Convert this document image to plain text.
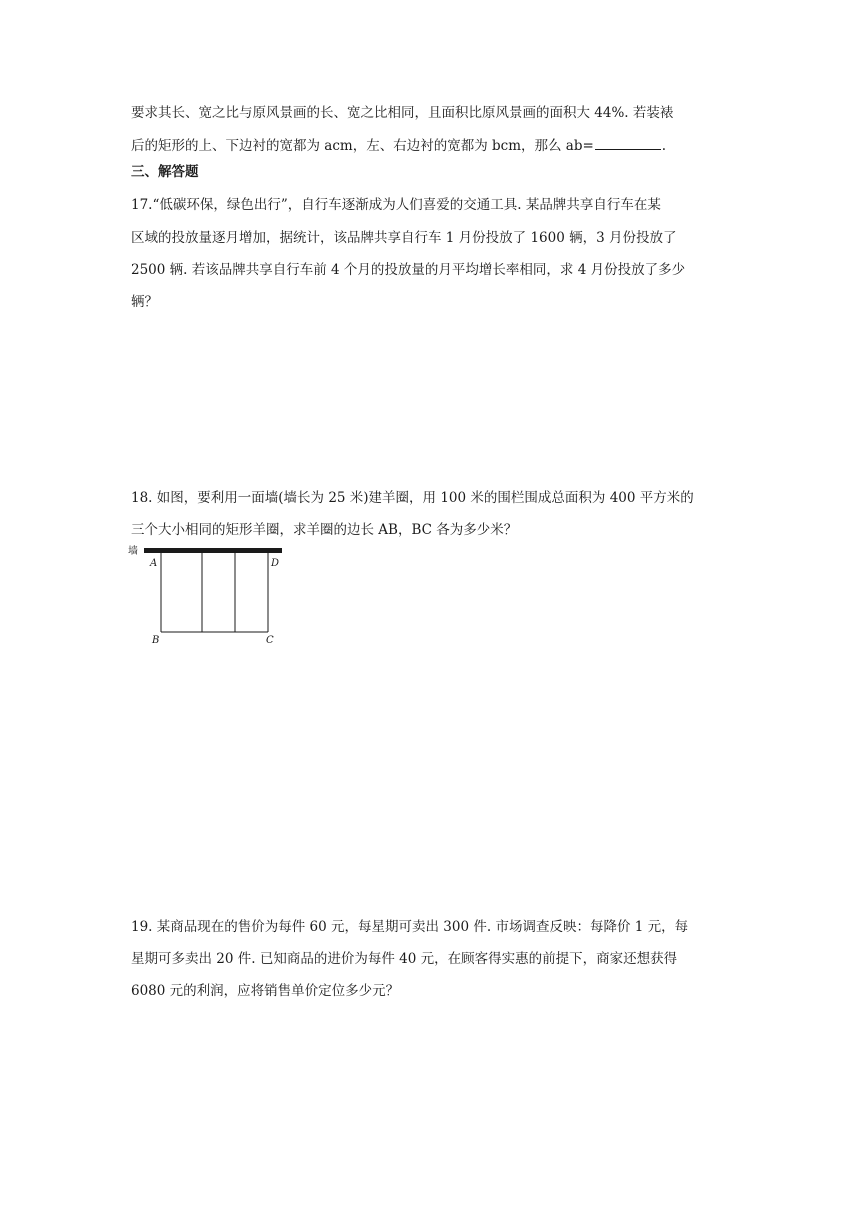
要求其长、宽之比与原风景画的长、宽之比相同，且面积比原风景画的面积大 44%. 若装裱
后的矩形的上、下边衬的宽都为 acm，左、右边衬的宽都为 bcm，那么 ab=	.
三、解答题
17.“低碳环保，绿色出行”，自行车逐渐成为人们喜爱的交通工具. 某品牌共享自行车在某
区域的投放量逐月增加，据统计，该品牌共享自行车 1 月份投放了 1600 辆，3 月份投放了
2500 辆. 若该品牌共享自行车前 4 个月的投放量的月平均增长率相同，求 4 月份投放了多少
辆？
18. 如图，要利用一面墙(墙长为 25 米)建羊圈，用 100 米的围栏围成总面积为 400 平方米的
三个大小相同的矩形羊圈，求羊圈的边长 AB，BC 各为多少米？
墙
A	D
B	C
19. 某商品现在的售价为每件 60 元，每星期可卖出 300 件. 市场调查反映：每降价 1 元，每
星期可多卖出 20 件. 已知商品的进价为每件 40 元，在顾客得实惠的前提下，商家还想获得
6080 元的利润，应将销售单价定位多少元？
